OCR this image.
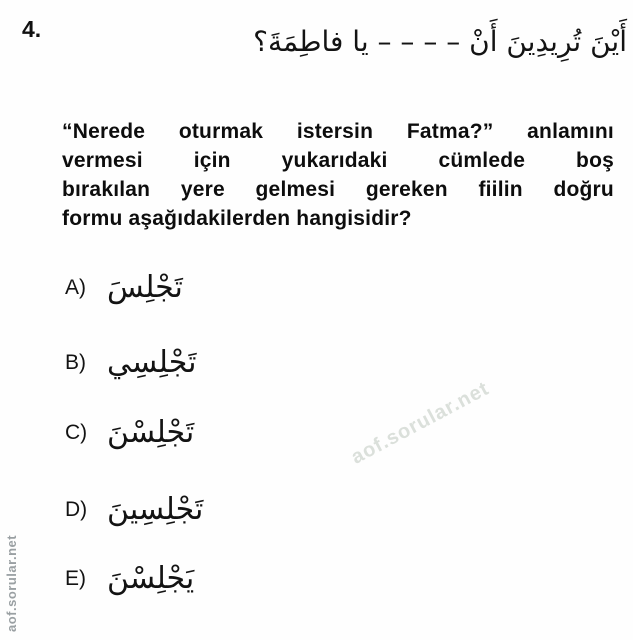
4.	أَيْنَ تُرِيدِينَ أَنْ – – – – يا فاطِمَةَ؟
“Nerede oturmak istersin Fatma?” anlamını
vermesi için yukarıdaki cümlede boş
bırakılan yere gelmesi gereken fiilin doğru
formu aşağıdakilerden hangisidir?
A) تَجْلِسَ
B) تَجْلِسِي
C) تَجْلِسْنَ
D) تَجْلِسِينَ
E) يَجْلِسْنَ
aof.sorular.net
aof.sorular.net
